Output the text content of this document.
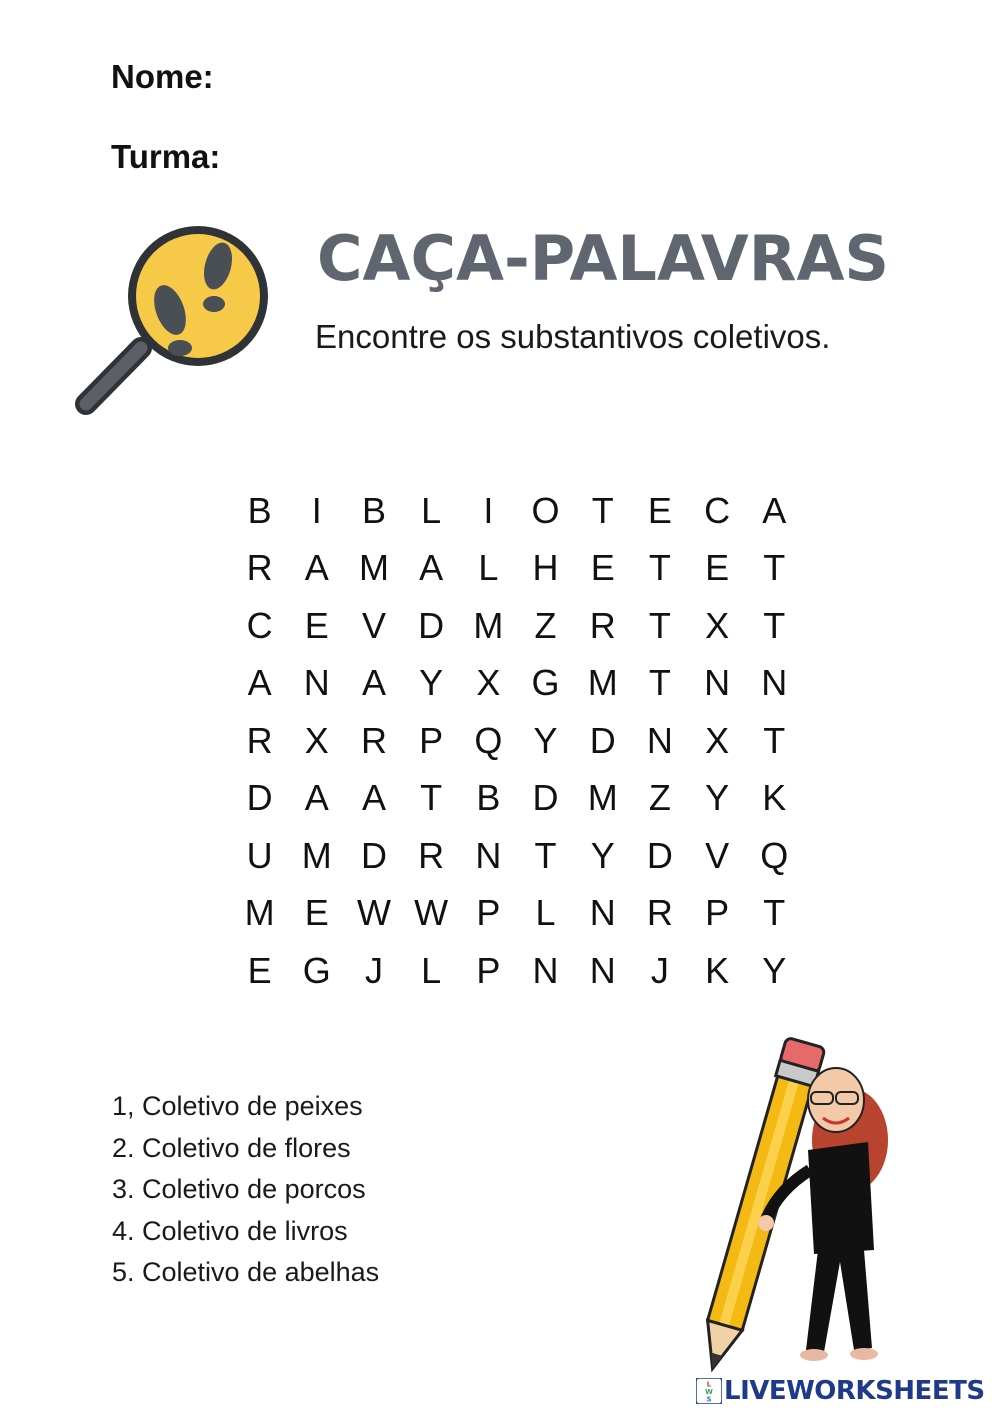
Nome:
Turma:
CAÇA-PALAVRAS
Encontre os substantivos coletivos.
B	I	B L	I	O T E C A
R A M A L H E T E T
C E V D M Z R T X T
A N A Y X G M T N N
R X R P Q Y D N X T
D A A T B D M Z Y K
U M D R N T Y D V Q
M E W W P L N R P T
E G J	L P N N J	K Y
1, Coletivo de peixes
2. Coletivo de flores
3. Coletivo de porcos
4. Coletivo de livros
5. Coletivo de abelhas
L
W
S LIVEWORKSHEETS
